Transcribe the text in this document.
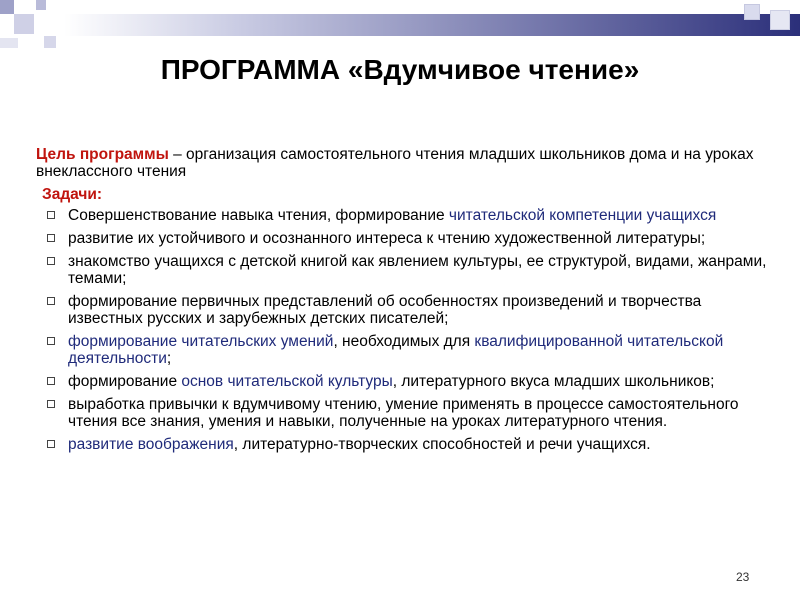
ПРОГРАММА «Вдумчивое чтение»
Цель программы – организация самостоятельного чтения младших школьников дома и на уроках внеклассного чтения
Задачи:
Совершенствование навыка чтения, формирование читательской компетенции учащихся
развитие их устойчивого и осознанного интереса к чтению художественной литературы;
знакомство учащихся с детской книгой как явлением культуры, ее структурой, видами, жанрами, темами;
формирование первичных представлений об особенностях произведений и творчества известных русских и зарубежных детских писателей;
формирование читательских умений, необходимых для квалифицированной читательской деятельности;
формирование основ читательской культуры, литературного вкуса младших школьников;
выработка привычки к вдумчивому чтению, умение применять в процессе самостоятельного чтения все знания, умения и навыки, полученные на уроках литературного чтения.
развитие воображения, литературно-творческих способностей и речи учащихся.
23
